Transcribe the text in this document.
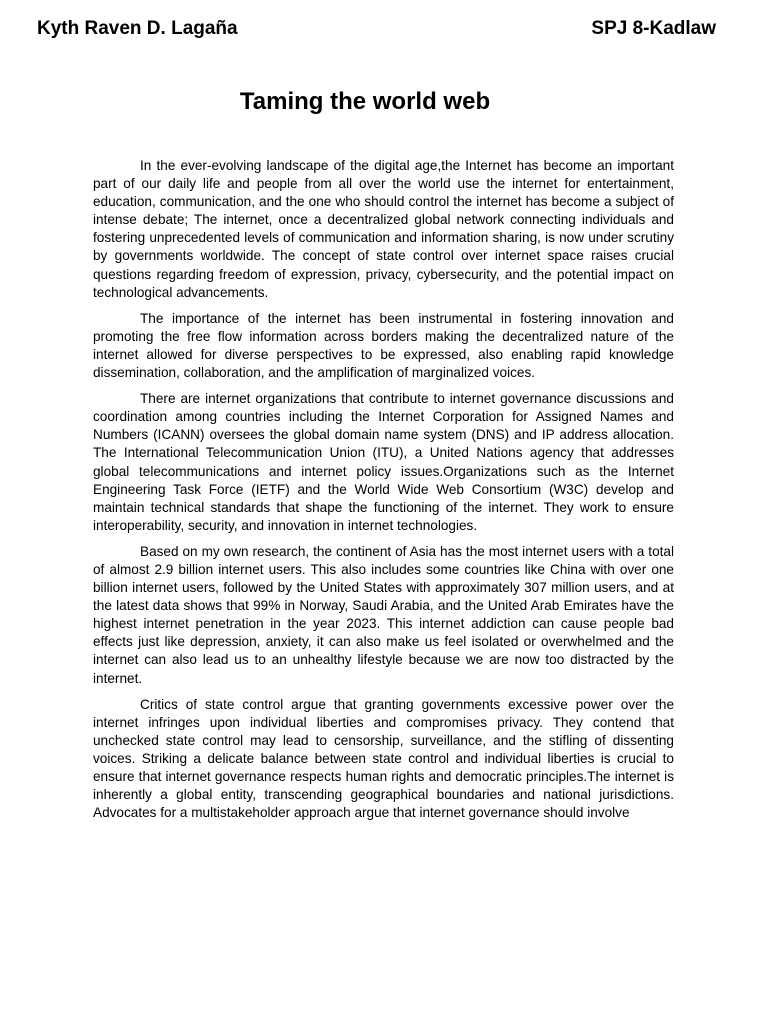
Kyth Raven D. Lagaña	SPJ 8-Kadlaw
Taming the world web

In the ever-evolving landscape of the digital age,the Internet has become an important part of our daily life and people from all over the world use the internet for entertainment, education, communication, and the one who should control the internet has become a subject of intense debate; The internet, once a decentralized global network connecting individuals and fostering unprecedented levels of communication and information sharing, is now under scrutiny by governments worldwide. The concept of state control over internet space raises crucial questions regarding freedom of expression, privacy, cybersecurity, and the potential impact on technological advancements.

The importance of the internet has been instrumental in fostering innovation and promoting the free flow information across borders making the decentralized nature of the internet allowed for diverse perspectives to be expressed, also enabling rapid knowledge dissemination, collaboration, and the amplification of marginalized voices.

There are internet organizations that contribute to internet governance discussions and coordination among countries including the Internet Corporation for Assigned Names and Numbers (ICANN) oversees the global domain name system (DNS) and IP address allocation. The International Telecommunication Union (ITU), a United Nations agency that addresses global telecommunications and internet policy issues.Organizations such as the Internet Engineering Task Force (IETF) and the World Wide Web Consortium (W3C) develop and maintain technical standards that shape the functioning of the internet. They work to ensure interoperability, security, and innovation in internet technologies.

Based on my own research, the continent of Asia has the most internet users with a total of almost 2.9 billion internet users. This also includes some countries like China with over one billion internet users, followed by the United States with approximately 307 million users, and at the latest data shows that 99% in Norway, Saudi Arabia, and the United Arab Emirates have the highest internet penetration in the year 2023. This internet addiction can cause people bad effects just like depression, anxiety, it can also make us feel isolated or overwhelmed and the internet can also lead us to an unhealthy lifestyle because we are now too distracted by the internet.

Critics of state control argue that granting governments excessive power over the internet infringes upon individual liberties and compromises privacy. They contend that unchecked state control may lead to censorship, surveillance, and the stifling of dissenting voices. Striking a delicate balance between state control and individual liberties is crucial to ensure that internet governance respects human rights and democratic principles.The internet is inherently a global entity, transcending geographical boundaries and national jurisdictions. Advocates for a multistakeholder approach argue that internet governance should involve
